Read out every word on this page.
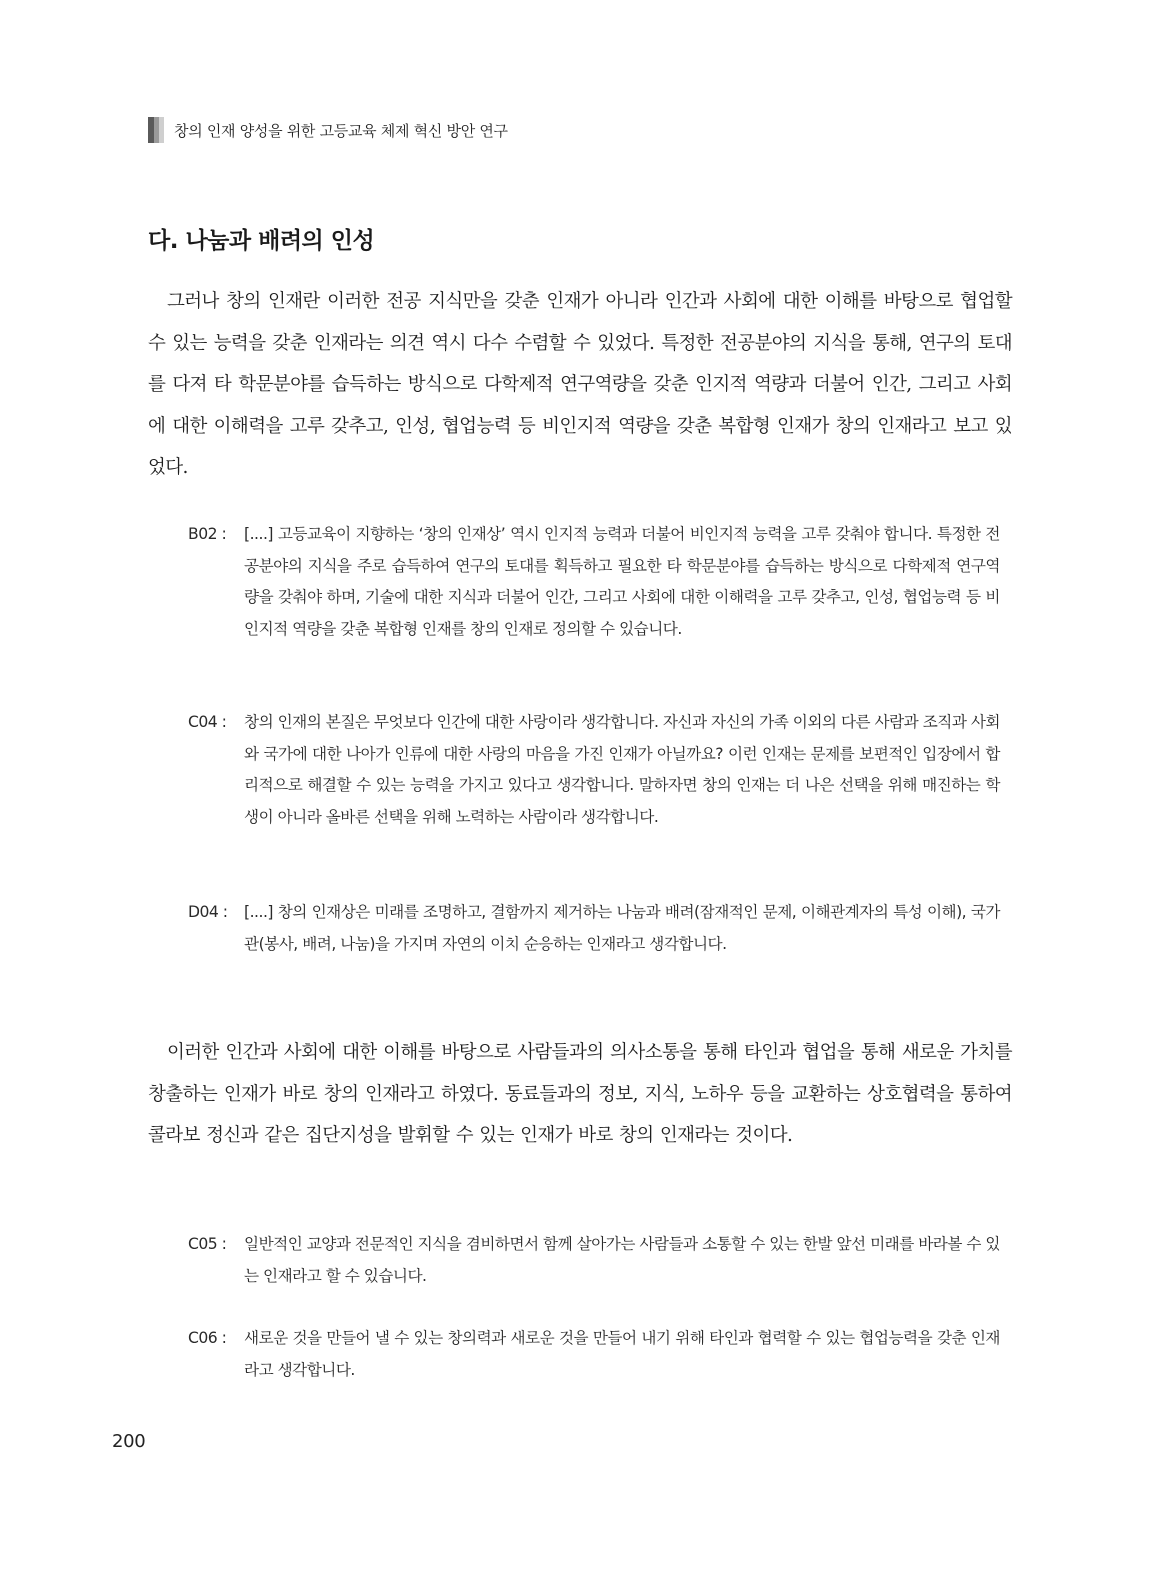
창의 인재 양성을 위한 고등교육 체제 혁신 방안 연구
다. 나눔과 배려의 인성

그러나 창의 인재란 이러한 전공 지식만을 갖춘 인재가 아니라 인간과 사회에 대한 이해를 바탕으로 협업할 수 있는 능력을 갖춘 인재라는 의견 역시 다수 수렴할 수 있었다. 특정한 전공분야의 지식을 통해, 연구의 토대를 다져 타 학문분야를 습득하는 방식으로 다학제적 연구역량을 갖춘 인지적 역량과 더불어 인간, 그리고 사회에 대한 이해력을 고루 갖추고, 인성, 협업능력 등 비인지적 역량을 갖춘 복합형 인재가 창의 인재라고 보고 있었다.

B02 :	[....] 고등교육이 지향하는 ‘창의 인재상’ 역시 인지적 능력과 더불어 비인지적 능력을 고루 갖춰야 합니다. 특정한 전공분야의 지식을 주로 습득하여 연구의 토대를 획득하고 필요한 타 학문분야를 습득하는 방식으로 다학제적 연구역량을 갖춰야 하며, 기술에 대한 지식과 더불어 인간, 그리고 사회에 대한 이해력을 고루 갖추고, 인성, 협업능력 등 비인지적 역량을 갖춘 복합형 인재를 창의 인재로 정의할 수 있습니다.

C04 :	창의 인재의 본질은 무엇보다 인간에 대한 사랑이라 생각합니다. 자신과 자신의 가족 이외의 다른 사람과 조직과 사회와 국가에 대한 나아가 인류에 대한 사랑의 마음을 가진 인재가 아닐까요? 이런 인재는 문제를 보편적인 입장에서 합리적으로 해결할 수 있는 능력을 가지고 있다고 생각합니다. 말하자면 창의 인재는 더 나은 선택을 위해 매진하는 학생이 아니라 올바른 선택을 위해 노력하는 사람이라 생각합니다.

D04 :	[....] 창의 인재상은 미래를 조명하고, 결함까지 제거하는 나눔과 배려(잠재적인 문제, 이해관계자의 특성 이해), 국가관(봉사, 배려, 나눔)을 가지며 자연의 이치 순응하는 인재라고 생각합니다.

이러한 인간과 사회에 대한 이해를 바탕으로 사람들과의 의사소통을 통해 타인과 협업을 통해 새로운 가치를 창출하는 인재가 바로 창의 인재라고 하였다. 동료들과의 정보, 지식, 노하우 등을 교환하는 상호협력을 통하여 콜라보 정신과 같은 집단지성을 발휘할 수 있는 인재가 바로 창의 인재라는 것이다.

C05 :	일반적인 교양과 전문적인 지식을 겸비하면서 함께 살아가는 사람들과 소통할 수 있는 한발 앞선 미래를 바라볼 수 있는 인재라고 할 수 있습니다.

C06 :	새로운 것을 만들어 낼 수 있는 창의력과 새로운 것을 만들어 내기 위해 타인과 협력할 수 있는 협업능력을 갖춘 인재라고 생각합니다.

200
